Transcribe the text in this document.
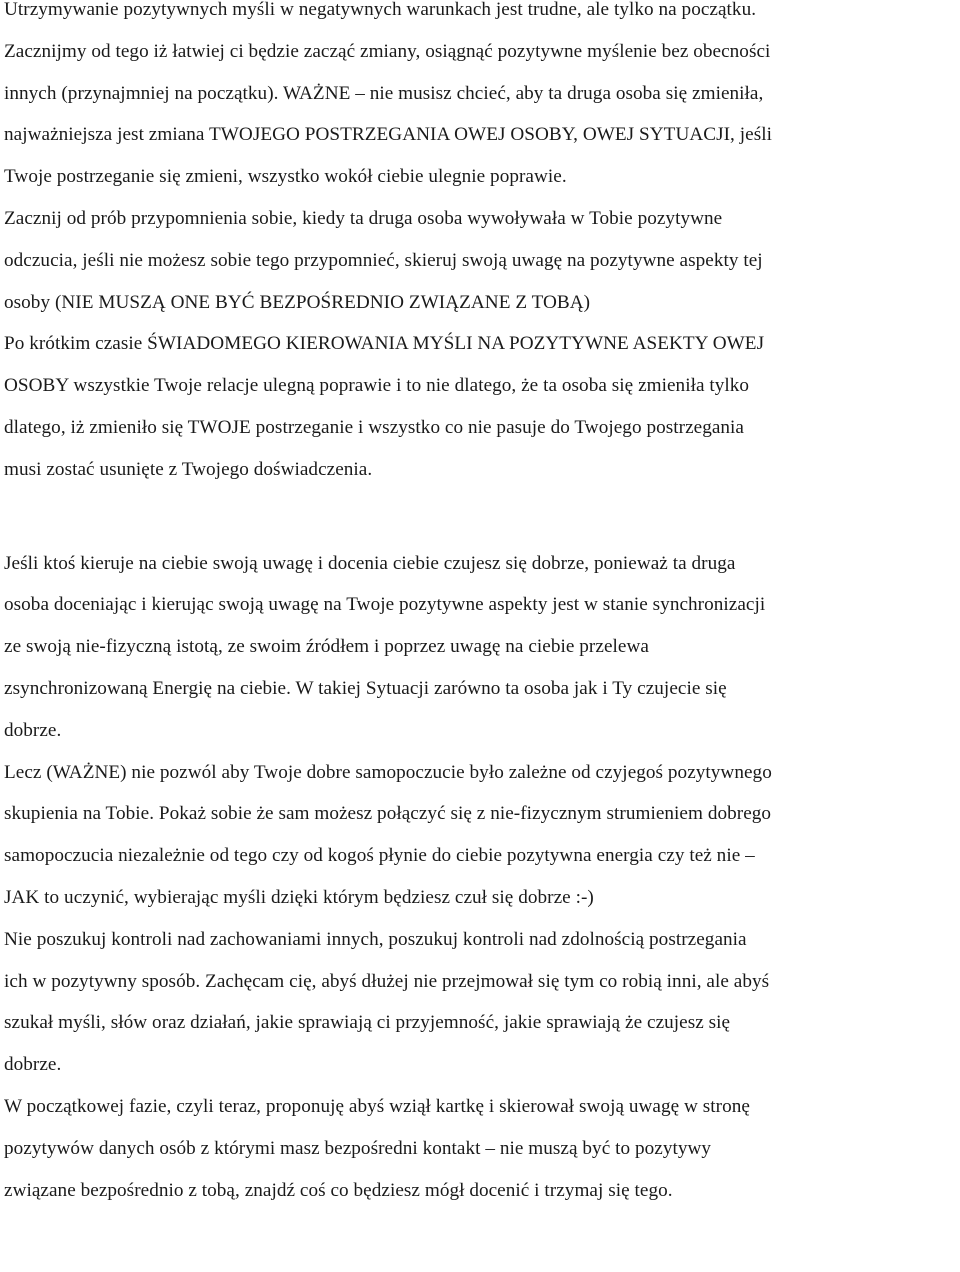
Utrzymywanie pozytywnych myśli w negatywnych warunkach jest trudne, ale tylko na początku.

Zacznijmy od tego iż łatwiej ci będzie zacząć zmiany, osiągnąć pozytywne myślenie bez obecności
innych (przynajmniej na początku). WAŻNE – nie musisz chcieć, aby ta druga osoba się zmieniła,
najważniejsza jest zmiana TWOJEGO POSTRZEGANIA OWEJ OSOBY, OWEJ SYTUACJI, jeśli
Twoje postrzeganie się zmieni, wszystko wokół ciebie ulegnie poprawie.

Zacznij od prób przypomnienia sobie, kiedy ta druga osoba wywoływała w Tobie pozytywne
odczucia, jeśli nie możesz sobie tego przypomnieć, skieruj swoją uwagę na pozytywne aspekty tej
osoby (NIE MUSZĄ ONE BYĆ BEZPOŚREDNIO ZWIĄZANE Z TOBĄ)

Po krótkim czasie ŚWIADOMEGO KIEROWANIA MYŚLI NA POZYTYWNE ASEKTY OWEJ
OSOBY wszystkie Twoje relacje ulegną poprawie i to nie dlatego, że ta osoba się zmieniła tylko
dlatego, iż zmieniło się TWOJE postrzeganie i wszystko co nie pasuje do Twojego postrzegania
musi zostać usunięte z Twojego doświadczenia.

Jeśli ktoś kieruje na ciebie swoją uwagę i docenia ciebie czujesz się dobrze, ponieważ ta druga
osoba doceniając i kierując swoją uwagę na Twoje pozytywne aspekty jest w stanie synchronizacji
ze swoją nie-fizyczną istotą, ze swoim źródłem i poprzez uwagę na ciebie przelewa
zsynchronizowaną Energię na ciebie. W takiej Sytuacji zarówno ta osoba jak i Ty czujecie się
dobrze.

Lecz (WAŻNE) nie pozwól aby Twoje dobre samopoczucie było zależne od czyjegoś pozytywnego
skupienia na Tobie. Pokaż sobie że sam możesz połączyć się z nie-fizycznym strumieniem dobrego
samopoczucia niezależnie od tego czy od kogoś płynie do ciebie pozytywna energia czy też nie –
JAK to uczynić, wybierając myśli dzięki którym będziesz czuł się dobrze :-)

Nie poszukuj kontroli nad zachowaniami innych, poszukuj kontroli nad zdolnością postrzegania
ich w pozytywny sposób. Zachęcam cię, abyś dłużej nie przejmował się tym co robią inni, ale abyś
szukał myśli, słów oraz działań, jakie sprawiają ci przyjemność, jakie sprawiają że czujesz się
dobrze.

W początkowej fazie, czyli teraz, proponuję abyś wziął kartkę i skierował swoją uwagę w stronę
pozytywów danych osób z którymi masz bezpośredni kontakt – nie muszą być to pozytywy
związane bezpośrednio z tobą, znajdź coś co będziesz mógł docenić i trzymaj się tego.
